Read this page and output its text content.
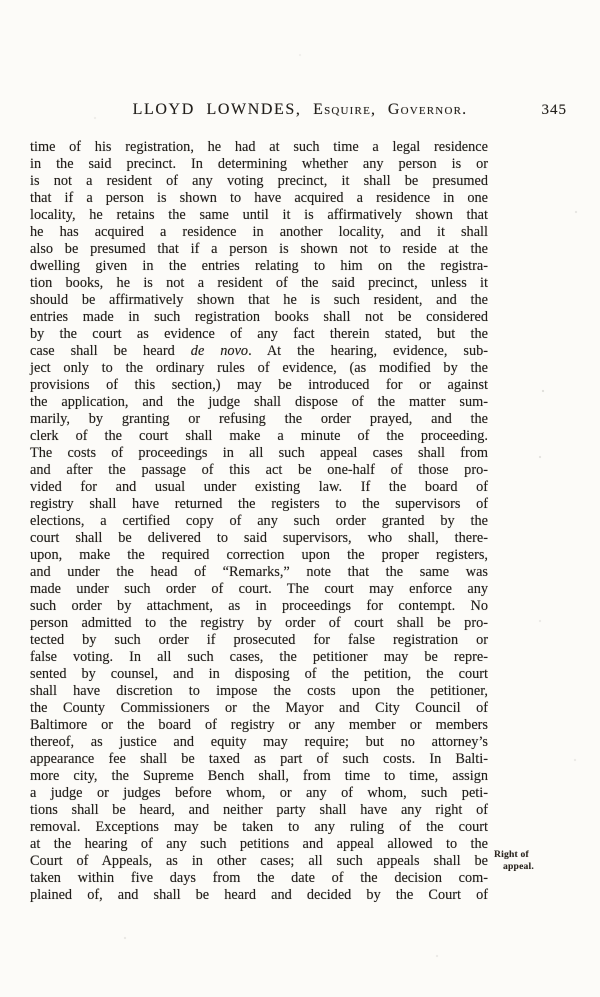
LLOYD LOWNDES, Esquire, Governor.	345
time of his registration, he had at such time a legal residence
in the said precinct. In determining whether any person is or
is not a resident of any voting precinct, it shall be presumed
that if a person is shown to have acquired a residence in one
locality, he retains the same until it is affirmatively shown that
he has acquired a residence in another locality, and it shall
also be presumed that if a person is shown not to reside at the
dwelling given in the entries relating to him on the registra-
tion books, he is not a resident of the said precinct, unless it
should be affirmatively shown that he is such resident, and the
entries made in such registration books shall not be considered
by the court as evidence of any fact therein stated, but the
case shall be heard de novo. At the hearing, evidence, sub-
ject only to the ordinary rules of evidence, (as modified by the
provisions of this section,) may be introduced for or against
the application, and the judge shall dispose of the matter sum-
marily, by granting or refusing the order prayed, and the
clerk of the court shall make a minute of the proceeding.
The costs of proceedings in all such appeal cases shall from
and after the passage of this act be one-half of those pro-
vided for and usual under existing law. If the board of
registry shall have returned the registers to the supervisors of
elections, a certified copy of any such order granted by the
court shall be delivered to said supervisors, who shall, there-
upon, make the required correction upon the proper registers,
and under the head of “Remarks,” note that the same was
made under such order of court. The court may enforce any
such order by attachment, as in proceedings for contempt. No
person admitted to the registry by order of court shall be pro-
tected by such order if prosecuted for false registration or
false voting. In all such cases, the petitioner may be repre-
sented by counsel, and in disposing of the petition, the court
shall have discretion to impose the costs upon the petitioner,
the County Commissioners or the Mayor and City Council of
Baltimore or the board of registry or any member or members
thereof, as justice and equity may require; but no attorney’s
appearance fee shall be taxed as part of such costs. In Balti-
more city, the Supreme Bench shall, from time to time, assign
a judge or judges before whom, or any of whom, such peti-
tions shall be heard, and neither party shall have any right of
removal. Exceptions may be taken to any ruling of the court
at the hearing of any such petitions and appeal allowed to the
Court of Appeals, as in other cases; all such appeals shall be
taken within five days from the date of the decision com-
plained of, and shall be heard and decided by the Court of
Right of
appeal.
